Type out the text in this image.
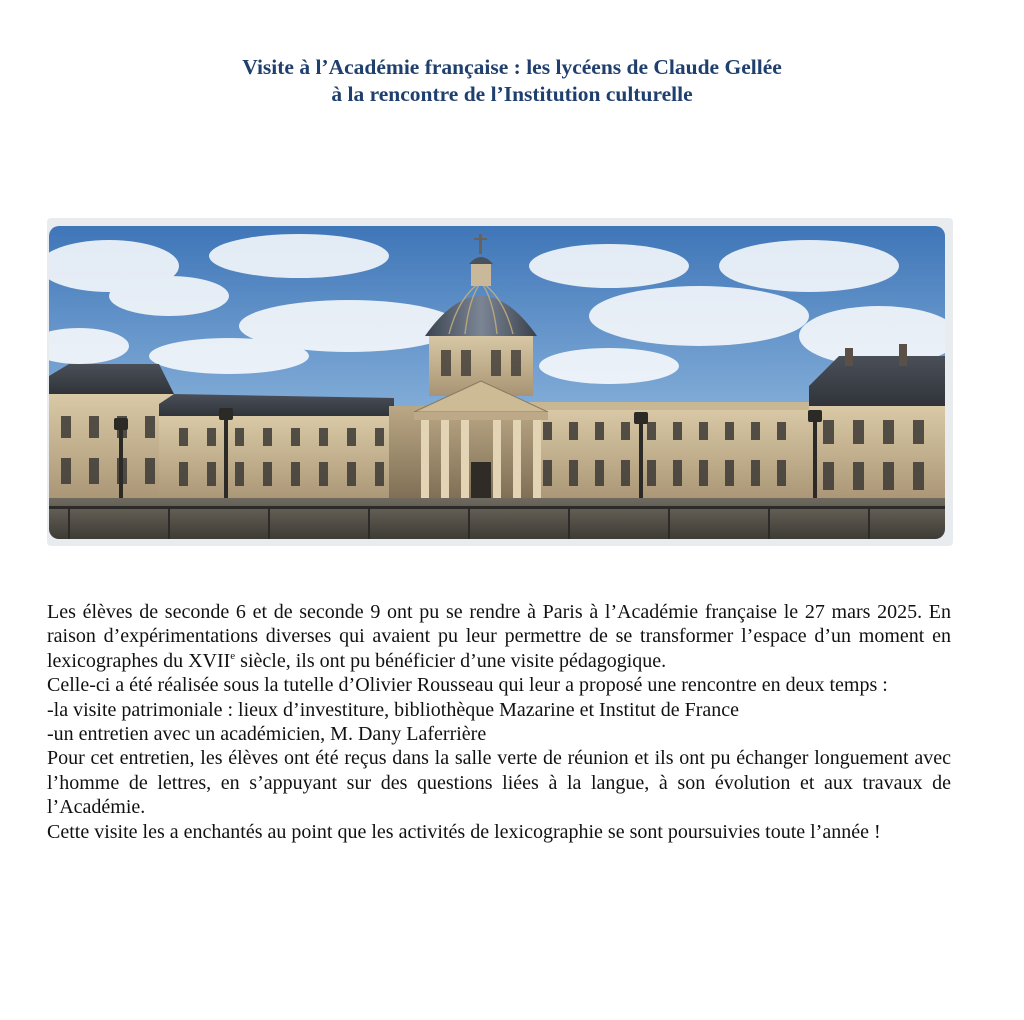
Visite à l’Académie française : les lycéens de Claude Gellée
à la rencontre de l’Institution culturelle

Les élèves de seconde 6 et de seconde 9 ont pu se rendre à Paris à l’Académie française le 27 mars 2025. En raison d’expérimentations diverses qui avaient pu leur permettre de se transformer l’espace d’un moment en lexicographes du XVIIe siècle, ils ont pu bénéficier d’une visite pédagogique.

Celle-ci a été réalisée sous la tutelle d’Olivier Rousseau qui leur a proposé une rencontre en deux temps :

-la visite patrimoniale : lieux d’investiture, bibliothèque Mazarine et Institut de France

-un entretien avec un académicien, M. Dany Laferrière

Pour cet entretien, les élèves ont été reçus dans la salle verte de réunion et ils ont pu échanger longuement avec l’homme de lettres, en s’appuyant sur des questions liées à la langue, à son évolution et aux travaux de l’Académie.

Cette visite les a enchantés au point que les activités de lexicographie se sont poursuivies toute l’année !
